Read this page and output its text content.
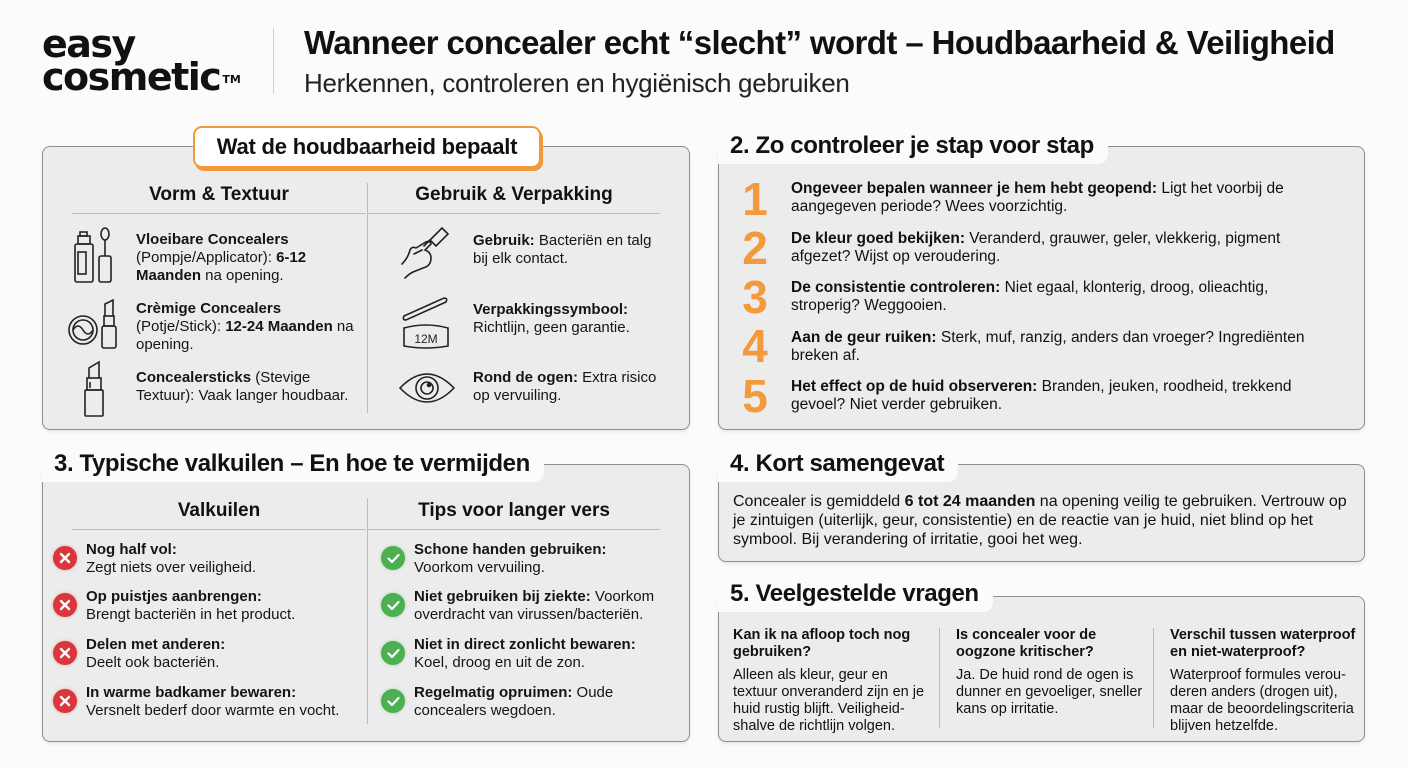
easy
cosmetic ™
Wanneer concealer echt “slecht” wordt – Houdbaarheid & Veiligheid
Herkennen, controleren en hygiënisch gebruiken
Wat de houdbaarheid bepaalt
Vorm & Textuur	Gebruik & Verpakking
Vloeibare Concealers (Pompje/Applicator): 6-12 Maanden na opening.
Crèmige Concealers (Potje/Stick): 12-24 Maanden na opening.
Concealersticks (Stevige Textuur): Vaak langer houdbaar.
12M
Gebruik: Bacteriën en talg bij elk contact.
Verpakkingssymbool: Richtlijn, geen garantie.
Rond de ogen: Extra risico op vervuiling.
2. Zo controleer je stap voor stap
1 Ongeveer bepalen wanneer je hem hebt geopend: Ligt het voorbij de aangegeven periode? Wees voorzichtig.
2 De kleur goed bekijken: Veranderd, grauwer, geler, vlekkerig, pigment afgezet? Wijst op veroudering.
3 De consistentie controleren: Niet egaal, klonterig, droog, olieachtig, stroperig? Weggooien.
4 Aan de geur ruiken: Sterk, muf, ranzig, anders dan vroeger? Ingrediënten breken af.
5 Het effect op de huid observeren: Branden, jeuken, roodheid, trekkend gevoel? Niet verder gebruiken.
3. Typische valkuilen – En hoe te vermijden
Valkuilen	Tips voor langer vers
Nog half vol:
Zegt niets over veiligheid.
Op puistjes aanbrengen:
Brengt bacteriën in het product.
Delen met anderen:
Deelt ook bacteriën.
In warme badkamer bewaren:
Versnelt bederf door warmte en vocht.
Schone handen gebruiken:
Voorkom vervuiling.
Niet gebruiken bij ziekte: Voorkom overdracht van virussen/bacteriën.
Niet in direct zonlicht bewaren:
Koel, droog en uit de zon.
Regelmatig opruimen: Oude concealers wegdoen.
4. Kort samengevat
Concealer is gemiddeld 6 tot 24 maanden na opening veilig te gebruiken. Vertrouw op je zintuigen (uiterlijk, geur, consistentie) en de reactie van je huid, niet blind op het symbool. Bij verandering of irritatie, gooi het weg.
5. Veelgestelde vragen
Kan ik na afloop toch nog gebruiken?
Alleen als kleur, geur en textuur onveranderd zijn en je huid rustig blijft. Veiligheid-shalve de richtlijn volgen.
Is concealer voor de oogzone kritischer?
Ja. De huid rond de ogen is dunner en gevoeliger, sneller kans op irritatie.
Verschil tussen waterproof en niet-waterproof?
Waterproof formules verou-deren anders (drogen uit), maar de beoordelingscriteria blijven hetzelfde.
